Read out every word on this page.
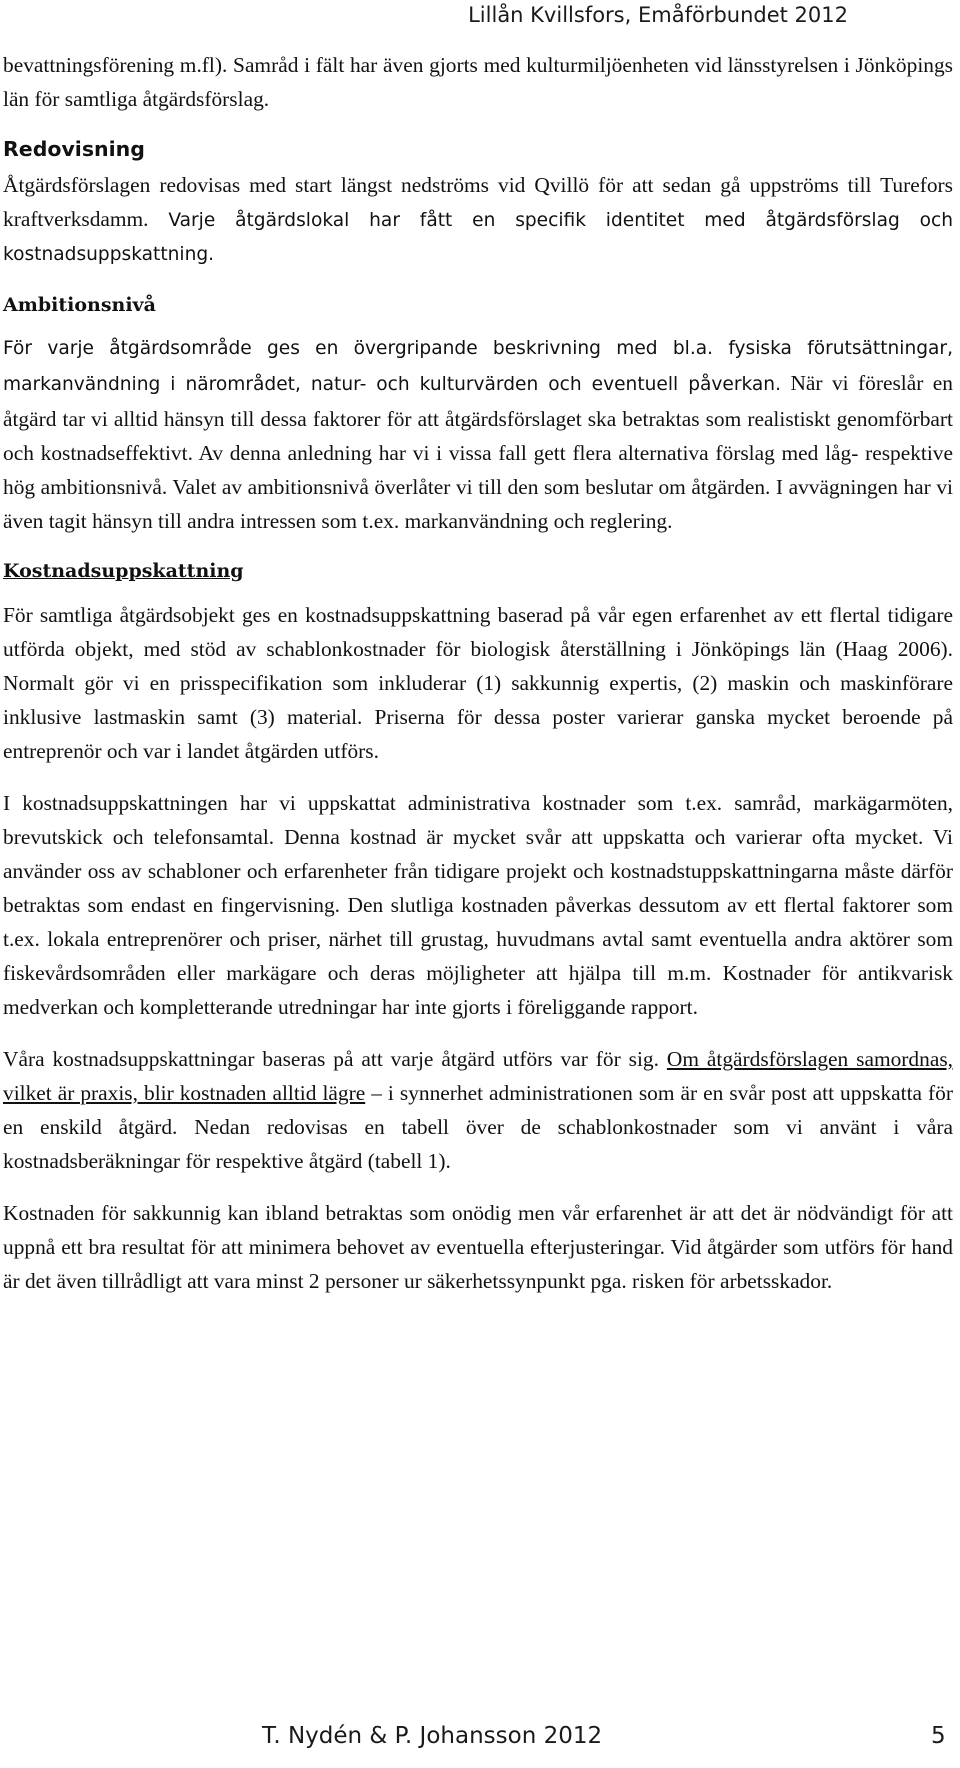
Lillån Kvillsfors, Emåförbundet 2012

bevattningsförening m.fl). Samråd i fält har även gjorts med kulturmiljöenheten vid länsstyrelsen i Jönköpings län för samtliga åtgärdsförslag.

Redovisning

Åtgärdsförslagen redovisas med start längst nedströms vid Qvillö för att sedan gå uppströms till Turefors kraftverksdamm. Varje åtgärdslokal har fått en specifik identitet med åtgärdsförslag och kostnadsuppskattning.

Ambitionsnivå

För varje åtgärdsområde ges en övergripande beskrivning med bl.a. fysiska förutsättningar, markanvändning i närområdet, natur- och kulturvärden och eventuell påverkan. När vi föreslår en åtgärd tar vi alltid hänsyn till dessa faktorer för att åtgärdsförslaget ska betraktas som realistiskt genomförbart och kostnadseffektivt. Av denna anledning har vi i vissa fall gett flera alternativa förslag med låg- respektive hög ambitionsnivå. Valet av ambitionsnivå överlåter vi till den som beslutar om åtgärden. I avvägningen har vi även tagit hänsyn till andra intressen som t.ex. markanvändning och reglering.

Kostnadsuppskattning

För samtliga åtgärdsobjekt ges en kostnadsuppskattning baserad på vår egen erfarenhet av ett flertal tidigare utförda objekt, med stöd av schablonkostnader för biologisk återställning i Jönköpings län (Haag 2006). Normalt gör vi en prisspecifikation som inkluderar (1) sakkunnig expertis, (2) maskin och maskinförare inklusive lastmaskin samt (3) material. Priserna för dessa poster varierar ganska mycket beroende på entreprenör och var i landet åtgärden utförs.

I kostnadsuppskattningen har vi uppskattat administrativa kostnader som t.ex. samråd, markägarmöten, brevutskick och telefonsamtal. Denna kostnad är mycket svår att uppskatta och varierar ofta mycket. Vi använder oss av schabloner och erfarenheter från tidigare projekt och kostnadstuppskattningarna måste därför betraktas som endast en fingervisning. Den slutliga kostnaden påverkas dessutom av ett flertal faktorer som t.ex. lokala entreprenörer och priser, närhet till grustag, huvudmans avtal samt eventuella andra aktörer som fiskevårdsområden eller markägare och deras möjligheter att hjälpa till m.m. Kostnader för antikvarisk medverkan och kompletterande utredningar har inte gjorts i föreliggande rapport.

Våra kostnadsuppskattningar baseras på att varje åtgärd utförs var för sig. Om åtgärdsförslagen samordnas, vilket är praxis, blir kostnaden alltid lägre – i synnerhet administrationen som är en svår post att uppskatta för en enskild åtgärd. Nedan redovisas en tabell över de schablonkostnader som vi använt i våra kostnadsberäkningar för respektive åtgärd (tabell 1).

Kostnaden för sakkunnig kan ibland betraktas som onödig men vår erfarenhet är att det är nödvändigt för att uppnå ett bra resultat för att minimera behovet av eventuella efterjusteringar. Vid åtgärder som utförs för hand är det även tillrådligt att vara minst 2 personer ur säkerhetssynpunkt pga. risken för arbetsskador.

T. Nydén & P. Johansson 2012	5
